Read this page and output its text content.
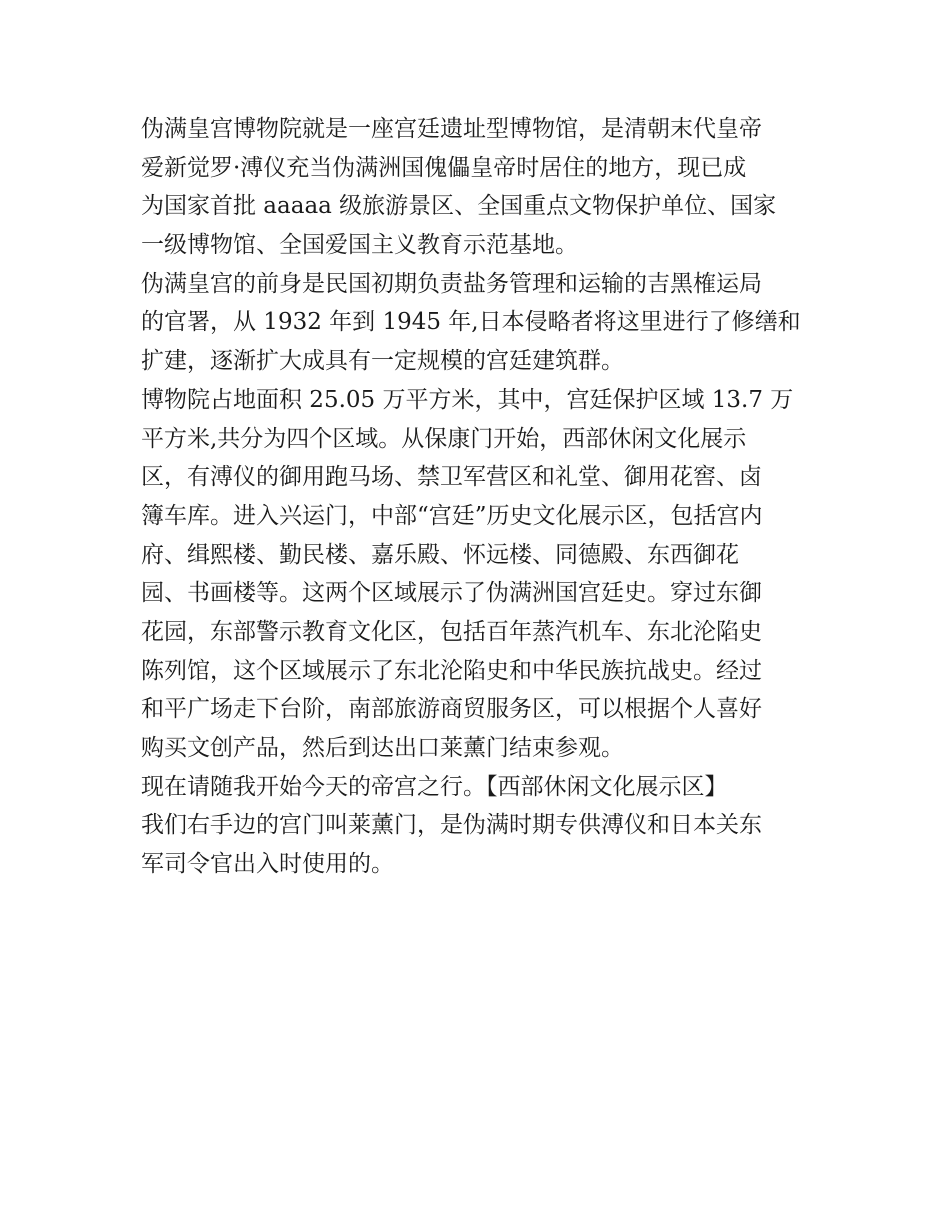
伪满皇宫博物院就是一座宫廷遗址型博物馆，是清朝末代皇帝
爱新觉罗·溥仪充当伪满洲国傀儡皇帝时居住的地方，现已成
为国家首批 aaaaa 级旅游景区、全国重点文物保护单位、国家
一级博物馆、全国爱国主义教育示范基地。
伪满皇宫的前身是民国初期负责盐务管理和运输的吉黑榷运局
的官署，从 1932 年到 1945 年,日本侵略者将这里进行了修缮和
扩建，逐渐扩大成具有一定规模的宫廷建筑群。
博物院占地面积 25.05 万平方米，其中，宫廷保护区域 13.7 万
平方米,共分为四个区域。从保康门开始，西部休闲文化展示
区，有溥仪的御用跑马场、禁卫军营区和礼堂、御用花窖、卤
簿车库。进入兴运门，中部“宫廷”历史文化展示区，包括宫内
府、缉熙楼、勤民楼、嘉乐殿、怀远楼、同德殿、东西御花
园、书画楼等。这两个区域展示了伪满洲国宫廷史。穿过东御
花园，东部警示教育文化区，包括百年蒸汽机车、东北沦陷史
陈列馆，这个区域展示了东北沦陷史和中华民族抗战史。经过
和平广场走下台阶，南部旅游商贸服务区，可以根据个人喜好
购买文创产品，然后到达出口莱薰门结束参观。
现在请随我开始今天的帝宫之行。【西部休闲文化展示区】
我们右手边的宫门叫莱薰门，是伪满时期专供溥仪和日本关东
军司令官出入时使用的。
